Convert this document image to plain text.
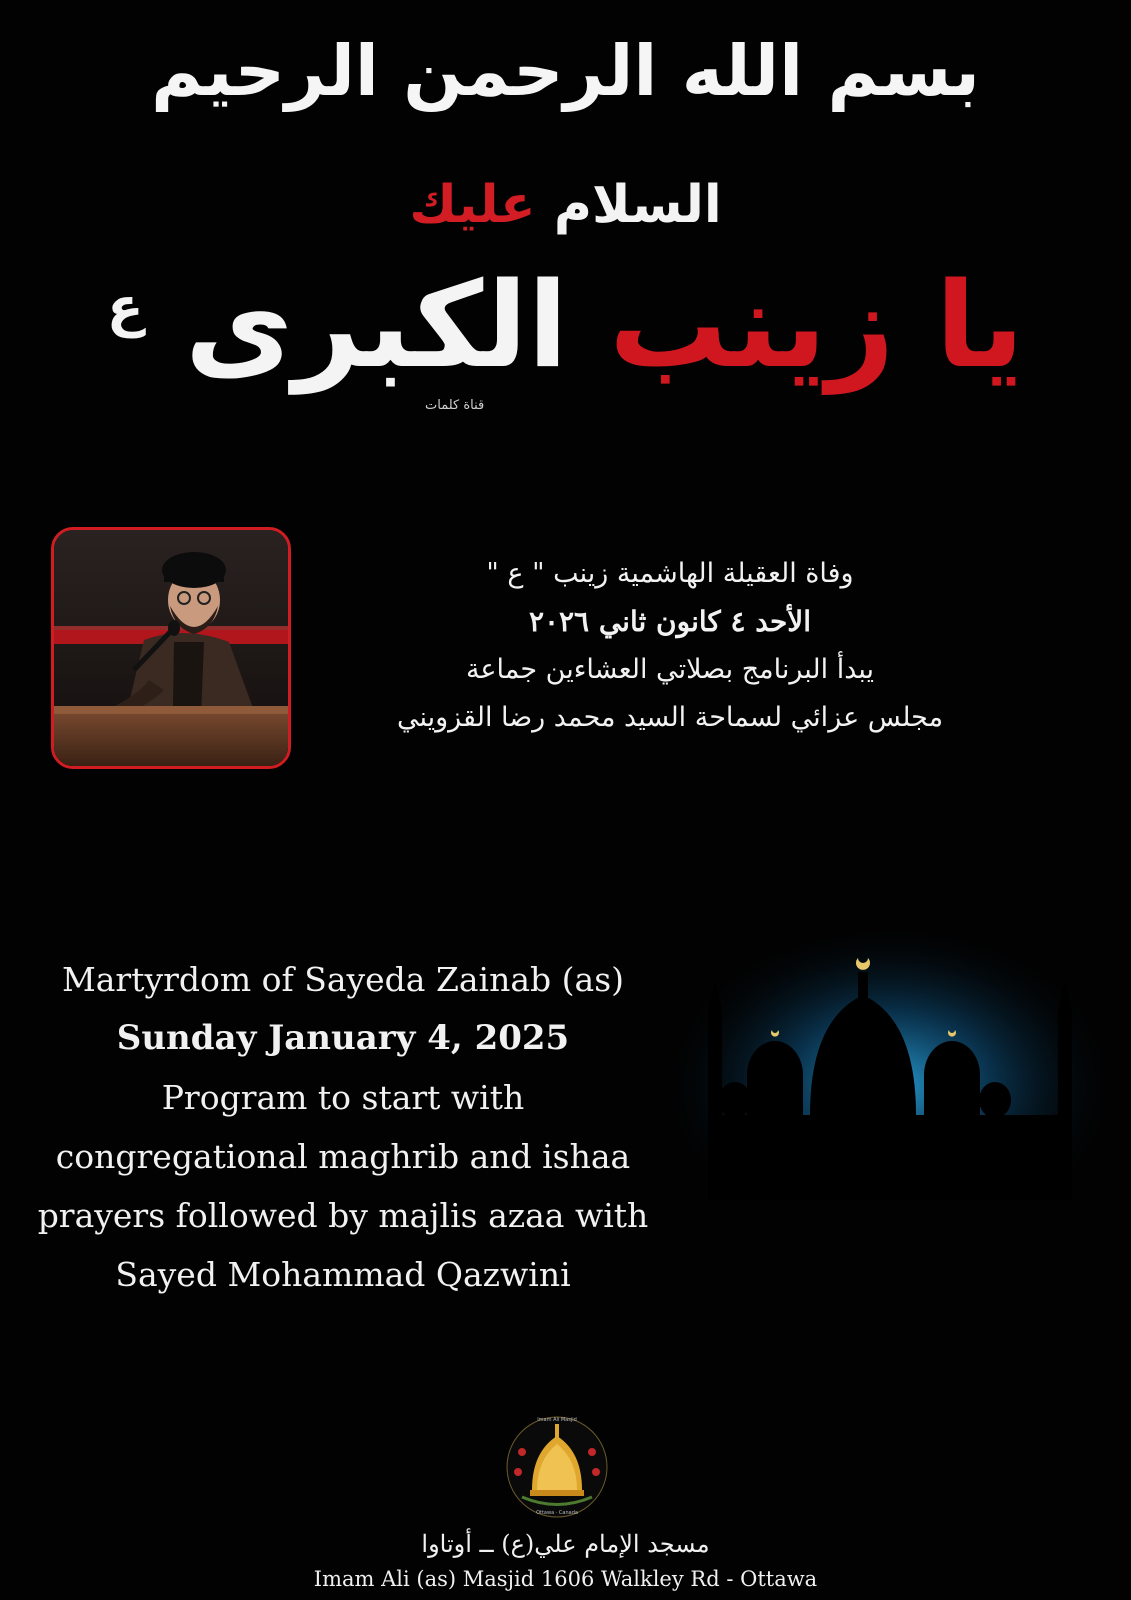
بسم الله الرحمن الرحيم
السلام عليك
يا زينب الكبرى $^ع$
قناة كلمات
وفاة العقيلة الهاشمية زينب " ع "
الأحد ٤ كانون ثاني ٢٠٢٦
يبدأ البرنامج بصلاتي العشاءين جماعة
مجلس عزائي لسماحة السيد محمد رضا القزويني
Martyrdom of Sayeda Zainab (as)
Sunday January 4, 2025
Program to start with
congregational maghrib and ishaa
prayers followed by majlis azaa with
Sayed Mohammad Qazwini
Ottawa · Canada
Imam Ali Masjid
مسجد الإمام علي(ع) ــ أوتاوا
Imam Ali (as) Masjid 1606 Walkley Rd - Ottawa
